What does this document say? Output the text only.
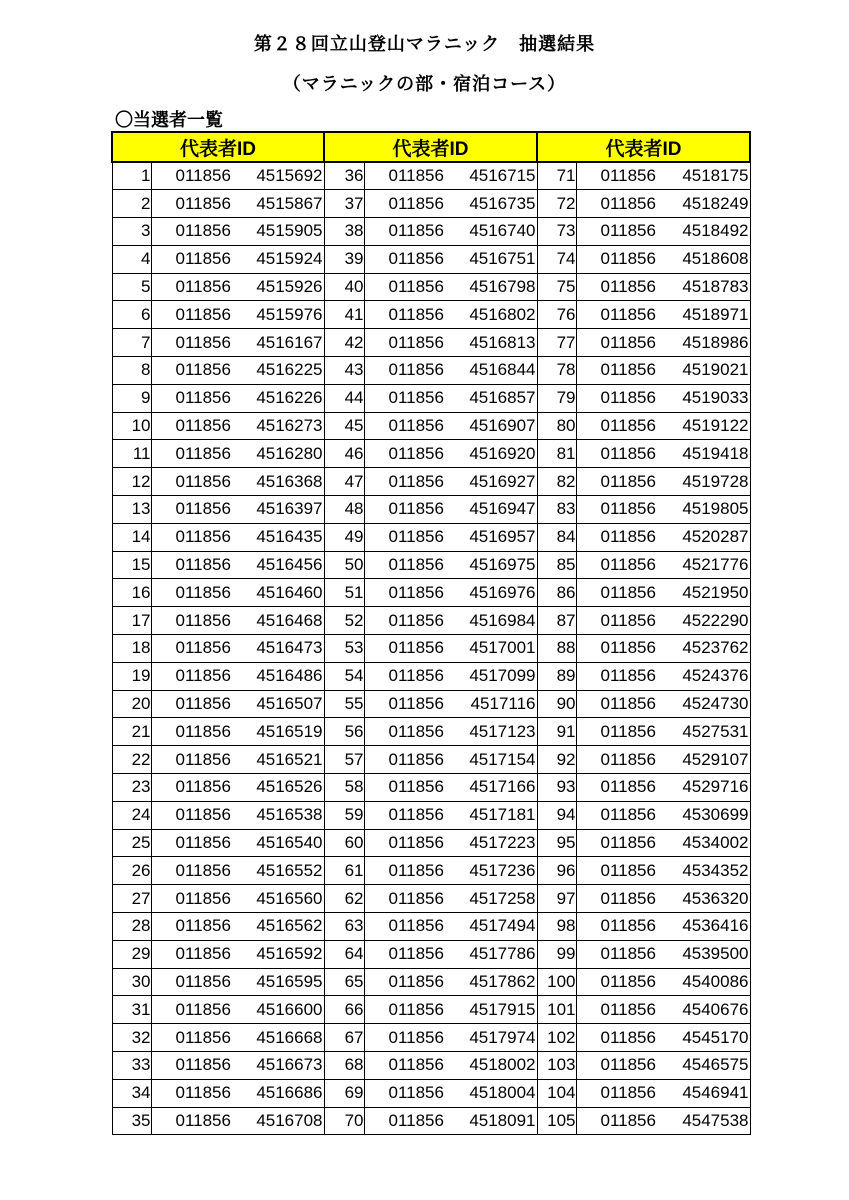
第２８回立山登山マラニック　抽選結果
（マラニックの部・宿泊コース）
〇当選者一覧
代表者ID		代表者ID		代表者ID	
1	011856 4515692	36	011856 4516715	71	011856 4518175

2	011856 4515867	37	011856 4516735	72	011856 4518249

3	011856 4515905	38	011856 4516740	73	011856 4518492

4	011856 4515924	39	011856 4516751	74	011856 4518608

5	011856 4515926	40	011856 4516798	75	011856 4518783

6	011856 4515976	41	011856 4516802	76	011856 4518971

7	011856 4516167	42	011856 4516813	77	011856 4518986

8	011856 4516225	43	011856 4516844	78	011856 4519021

9	011856 4516226	44	011856 4516857	79	011856 4519033

10	011856 4516273	45	011856 4516907	80	011856 4519122

11	011856 4516280	46	011856 4516920	81	011856 4519418

12	011856 4516368	47	011856 4516927	82	011856 4519728

13	011856 4516397	48	011856 4516947	83	011856 4519805

14	011856 4516435	49	011856 4516957	84	011856 4520287

15	011856 4516456	50	011856 4516975	85	011856 4521776

16	011856 4516460	51	011856 4516976	86	011856 4521950

17	011856 4516468	52	011856 4516984	87	011856 4522290

18	011856 4516473	53	011856 4517001	88	011856 4523762

19	011856 4516486	54	011856 4517099	89	011856 4524376

20	011856 4516507	55	011856 4517116	90	011856 4524730

21	011856 4516519	56	011856 4517123	91	011856 4527531

22	011856 4516521	57	011856 4517154	92	011856 4529107

23	011856 4516526	58	011856 4517166	93	011856 4529716

24	011856 4516538	59	011856 4517181	94	011856 4530699

25	011856 4516540	60	011856 4517223	95	011856 4534002

26	011856 4516552	61	011856 4517236	96	011856 4534352

27	011856 4516560	62	011856 4517258	97	011856 4536320

28	011856 4516562	63	011856 4517494	98	011856 4536416

29	011856 4516592	64	011856 4517786	99	011856 4539500

30	011856 4516595	65	011856 4517862	100	011856 4540086

31	011856 4516600	66	011856 4517915	101	011856 4540676

32	011856 4516668	67	011856 4517974	102	011856 4545170

33	011856 4516673	68	011856 4518002	103	011856 4546575

34	011856 4516686	69	011856 4518004	104	011856 4546941

35	011856 4516708	70	011856 4518091	105	011856 4547538
